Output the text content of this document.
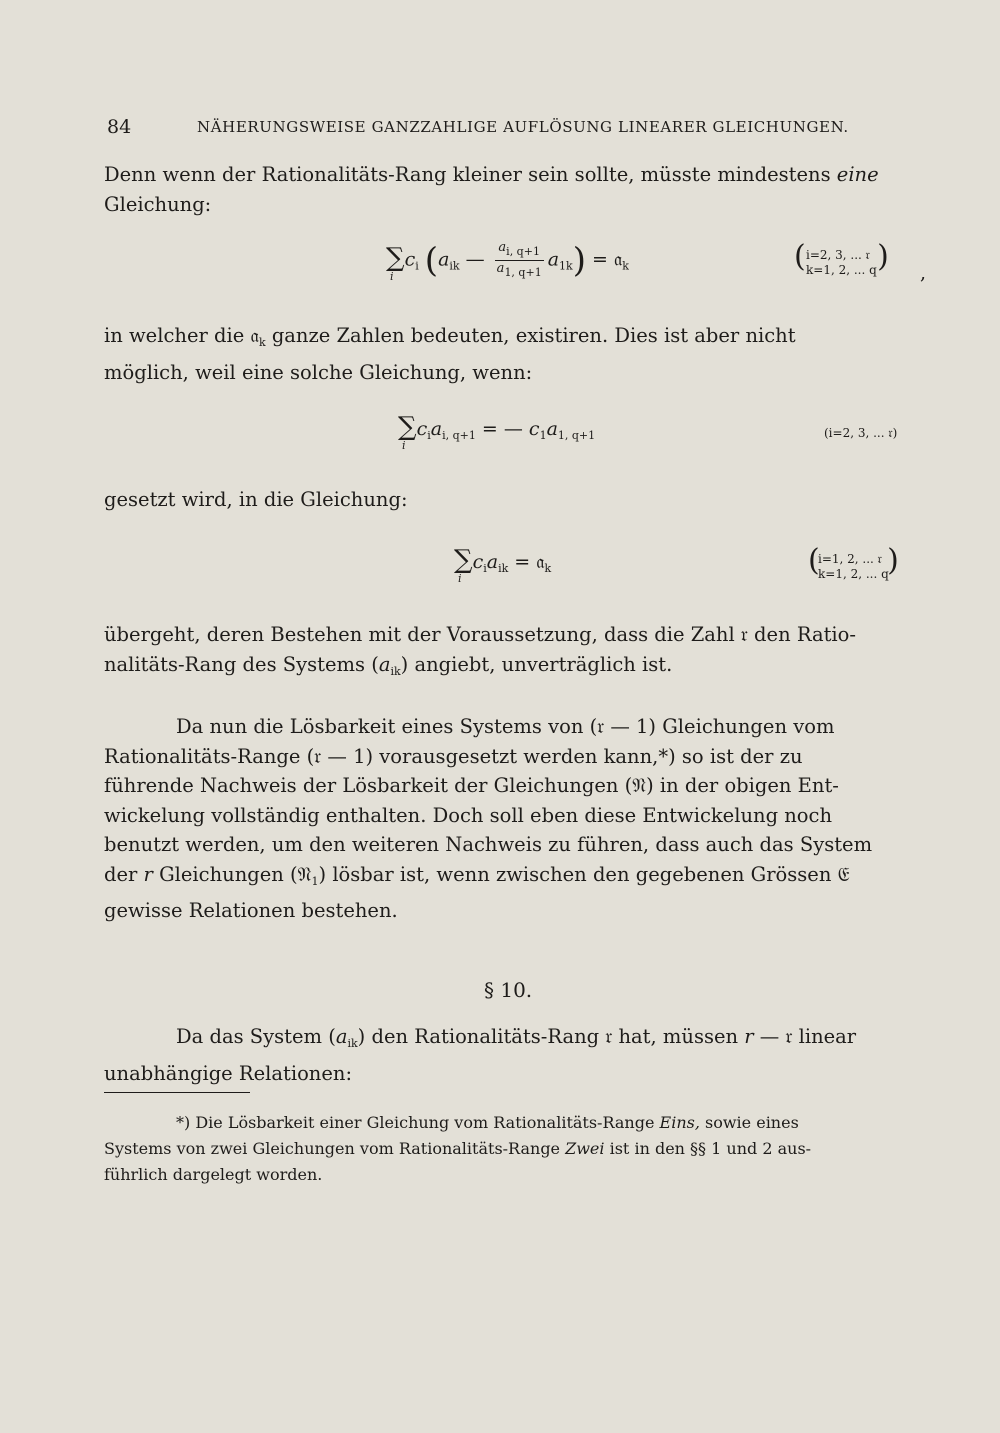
84	NÄHERUNGSWEISE GANZZAHLIGE AUFLÖSUNG LINEARER GLEICHUNGEN.
Denn wenn der Rationalitäts-Rang kleiner sein sollte, müsste mindestens eine
Gleichung:
∑
i
$c_i$ ($a_{ik}$ — $\frac{a_{i, q+1}}{a_{1, q+1}} a_{1k}$) = 𝔞$_k$	( i=2, 3, ... 𝔯
k=1, 2, ... q ) ,
in welcher die 𝔞$_k$ ganze Zahlen bedeuten, existiren. Dies ist aber nicht
möglich, weil eine solche Gleichung, wenn:
∑
i
$c_ia_{i, q+1}$ = — $c_1a_{1, q+1}$	(i=2, 3, ... 𝔯)
gesetzt wird, in die Gleichung:
∑
i
$c_ia_{ik}$ = 𝔞$_k$	(
i=1, 2, ... 𝔯
k=1, 2, ... q
)
übergeht, deren Bestehen mit der Voraussetzung, dass die Zahl 𝔯 den Ratio-
nalitäts-Rang des Systems $(a_{ik})$ angiebt, unverträglich ist.
Da nun die Lösbarkeit eines Systems von (𝔯 — 1) Gleichungen vom
Rationalitäts-Range (𝔯 — 1) vorausgesetzt werden kann,*) so ist der zu
führende Nachweis der Lösbarkeit der Gleichungen (𝔑) in der obigen Ent-
wickelung vollständig enthalten. Doch soll eben diese Entwickelung noch
benutzt werden, um den weiteren Nachweis zu führen, dass auch das System
der r Gleichungen (𝔑$_1$) lösbar ist, wenn zwischen den gegebenen Grössen 𝔈
gewisse Relationen bestehen.
§ 10.
Da das System $(a_{ik})$ den Rationalitäts-Rang 𝔯 hat, müssen r — 𝔯 linear
unabhängige Relationen:
*) Die Lösbarkeit einer Gleichung vom Rationalitäts-Range Eins, sowie eines
Systems von zwei Gleichungen vom Rationalitäts-Range Zwei ist in den §§ 1 und 2 aus-
führlich dargelegt worden.
